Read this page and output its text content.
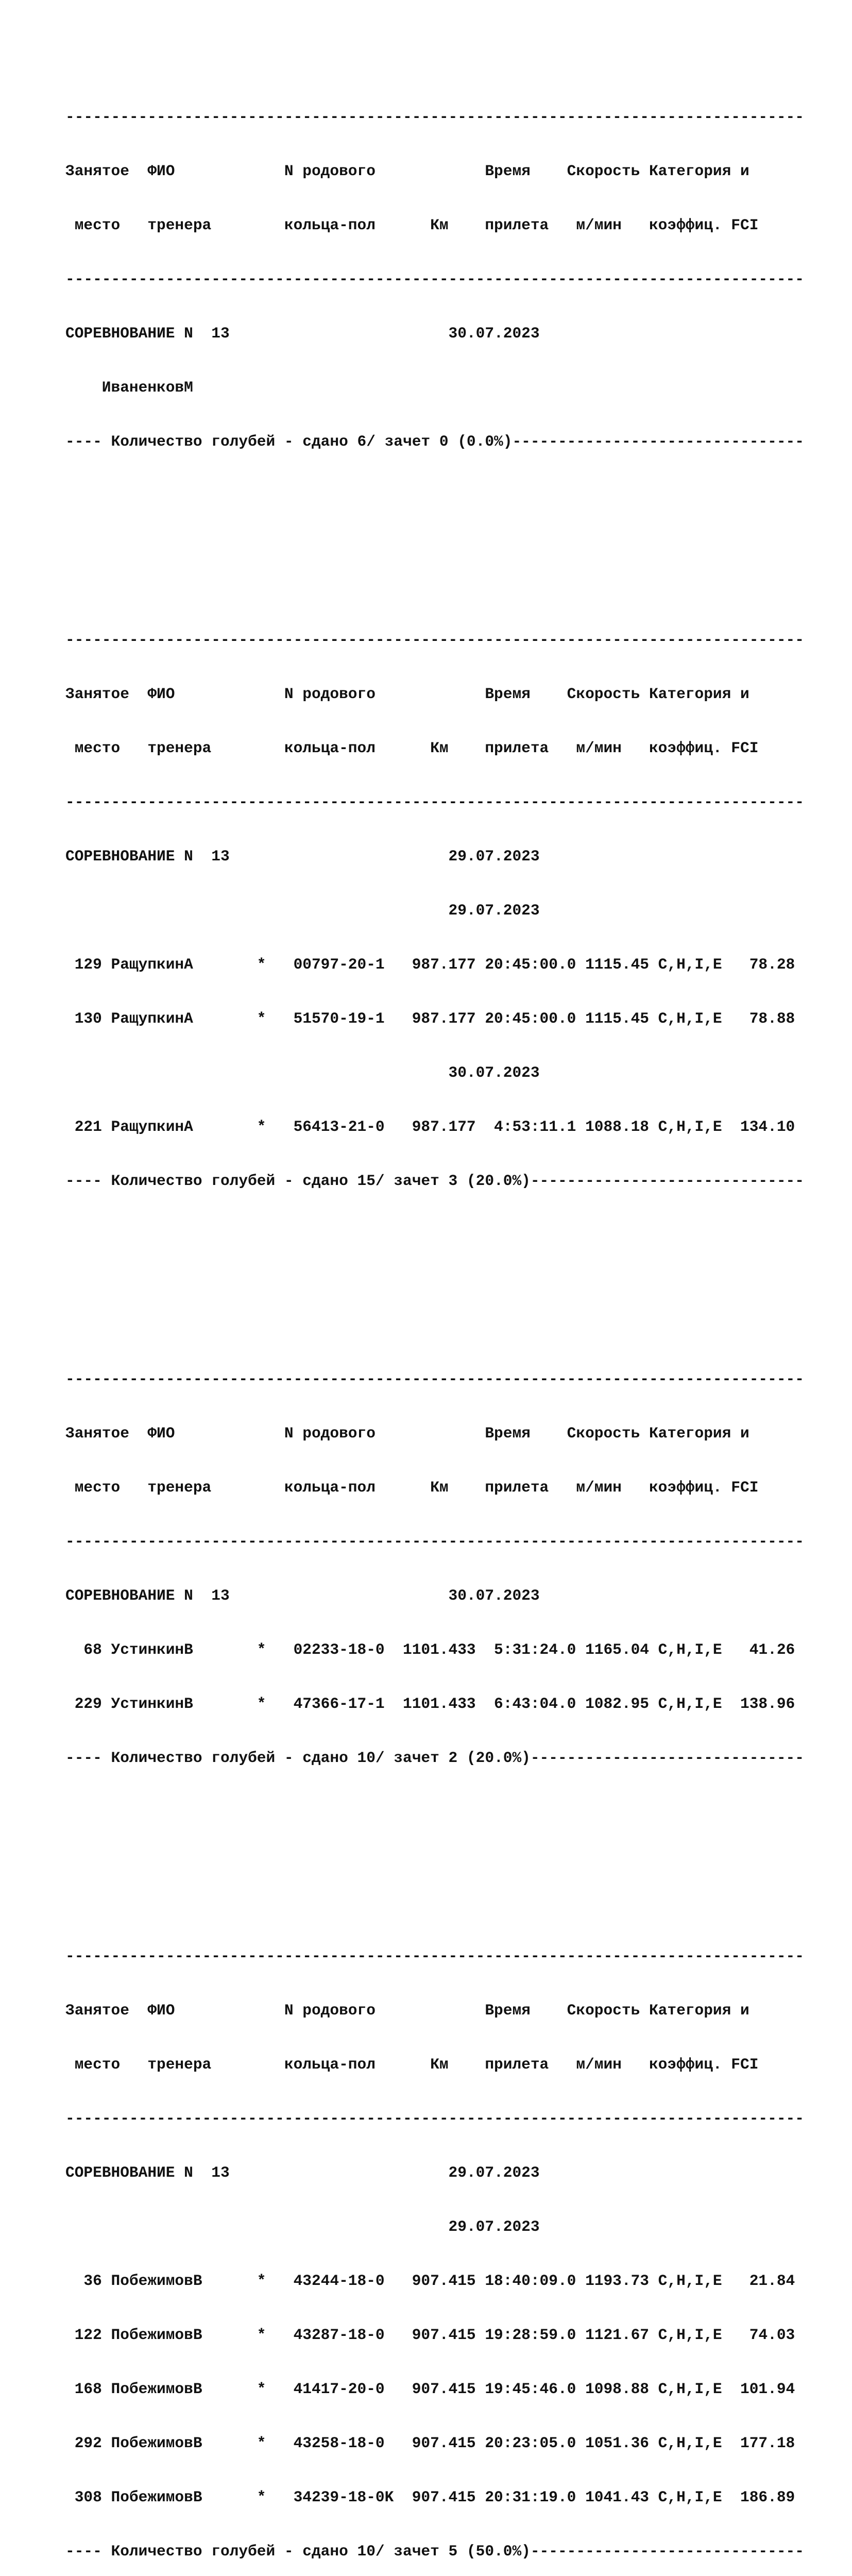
---------------------------------------------------------------------------------

Занятое  ФИО            N родового            Время    Скорость Категория и

место   тренера        кольца-пол      Км    прилета   м/мин   коэффиц. FCI

---------------------------------------------------------------------------------

СОРЕВНОВАНИЕ N  13                        30.07.2023

ИваненковМ

---- Количество голубей - сдано 6/ зачет 0 (0.0%)--------------------------------

---------------------------------------------------------------------------------

Занятое  ФИО            N родового            Время    Скорость Категория и

место   тренера        кольца-пол      Км    прилета   м/мин   коэффиц. FCI

---------------------------------------------------------------------------------

СОРЕВНОВАНИЕ N  13                        29.07.2023

29.07.2023

129 РащупкинА       *   00797-20-1   987.177 20:45:00.0 1115.45 C,H,I,E   78.28

130 РащупкинА       *   51570-19-1   987.177 20:45:00.0 1115.45 C,H,I,E   78.88

30.07.2023

221 РащупкинА       *   56413-21-0   987.177  4:53:11.1 1088.18 C,H,I,E  134.10

---- Количество голубей - сдано 15/ зачет 3 (20.0%)------------------------------

---------------------------------------------------------------------------------

Занятое  ФИО            N родового            Время    Скорость Категория и

место   тренера        кольца-пол      Км    прилета   м/мин   коэффиц. FCI

---------------------------------------------------------------------------------

СОРЕВНОВАНИЕ N  13                        30.07.2023

68 УстинкинВ       *   02233-18-0  1101.433  5:31:24.0 1165.04 C,H,I,E   41.26

229 УстинкинВ       *   47366-17-1  1101.433  6:43:04.0 1082.95 C,H,I,E  138.96

---- Количество голубей - сдано 10/ зачет 2 (20.0%)------------------------------

---------------------------------------------------------------------------------

Занятое  ФИО            N родового            Время    Скорость Категория и

место   тренера        кольца-пол      Км    прилета   м/мин   коэффиц. FCI

---------------------------------------------------------------------------------

СОРЕВНОВАНИЕ N  13                        29.07.2023

29.07.2023

36 ПобежимовВ      *   43244-18-0   907.415 18:40:09.0 1193.73 C,H,I,E   21.84

122 ПобежимовВ      *   43287-18-0   907.415 19:28:59.0 1121.67 C,H,I,E   74.03

168 ПобежимовВ      *   41417-20-0   907.415 19:45:46.0 1098.88 C,H,I,E  101.94

292 ПобежимовВ      *   43258-18-0   907.415 20:23:05.0 1051.36 C,H,I,E  177.18

308 ПобежимовВ      *   34239-18-0K  907.415 20:31:19.0 1041.43 C,H,I,E  186.89

---- Количество голубей - сдано 10/ зачет 5 (50.0%)------------------------------
